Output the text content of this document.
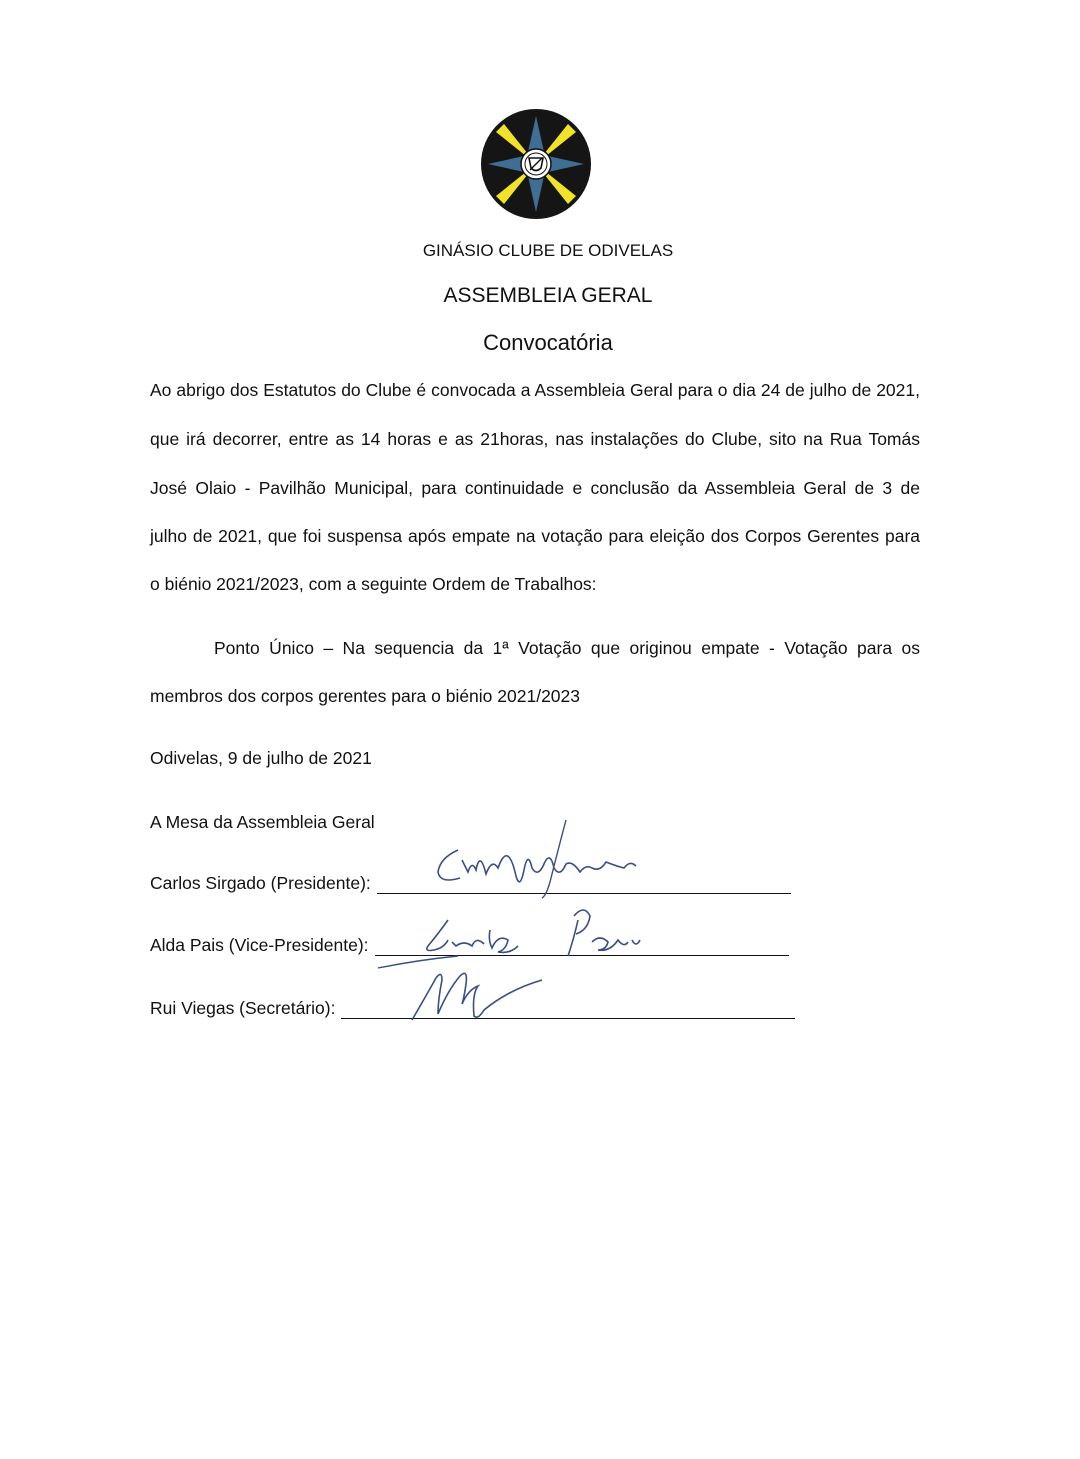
GINÁSIO CLUBE DE ODIVELAS
ASSEMBLEIA GERAL
Convocatória
Ao abrigo dos Estatutos do Clube é convocada a Assembleia Geral para o dia 24 de julho de 2021,
que irá decorrer, entre as 14 horas e as 21horas, nas instalações do Clube, sito na Rua Tomás
José Olaio - Pavilhão Municipal, para continuidade e conclusão da Assembleia Geral de 3 de
julho de 2021, que foi suspensa após empate na votação para eleição dos Corpos Gerentes para
o biénio 2021/2023, com a seguinte Ordem de Trabalhos:
Ponto Único – Na sequencia da 1ª Votação que originou empate - Votação para os
membros dos corpos gerentes para o biénio 2021/2023
Odivelas, 9 de julho de 2021
A Mesa da Assembleia Geral
Carlos Sirgado (Presidente):
Alda Pais (Vice-Presidente):
Rui Viegas (Secretário):
